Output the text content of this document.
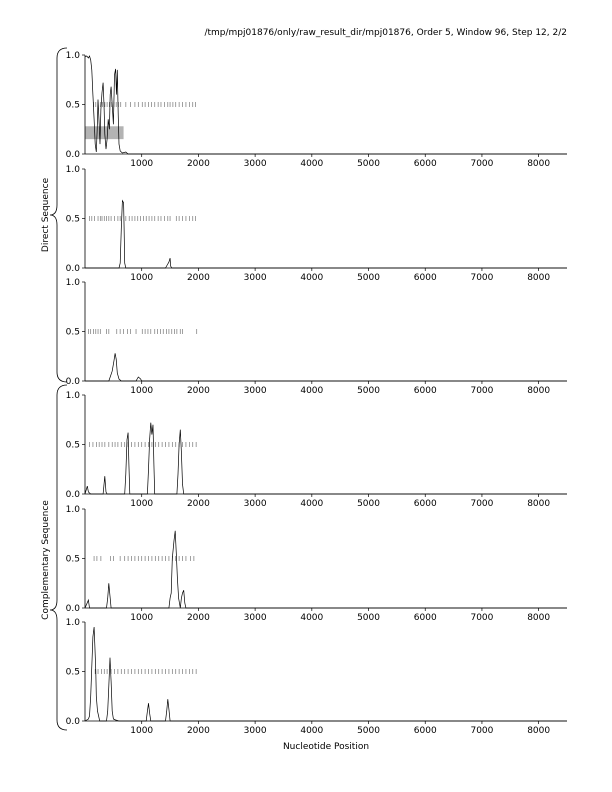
/tmp/mpj01876/only/raw_result_dir/mpj01876, Order 5, Window 96, Step 12, 2/2
0.0
0.5
1.0
1000	2000	3000	4000	5000	6000	7000	8000
0.0
0.5
1.0
1000	2000	3000	4000	5000	6000	7000	8000
0.0
0.5
1.0
1000	2000	3000	4000	5000	6000	7000	8000
0.0
0.5
1.0
1000	2000	3000	4000	5000	6000	7000	8000
0.0
0.5
1.0
1000	2000	3000	4000	5000	6000	7000	8000
0.0
0.5
1.0
1000	2000	3000	4000	5000	6000	7000	8000
Direct Sequence
Complementary Sequence
Nucleotide Position
